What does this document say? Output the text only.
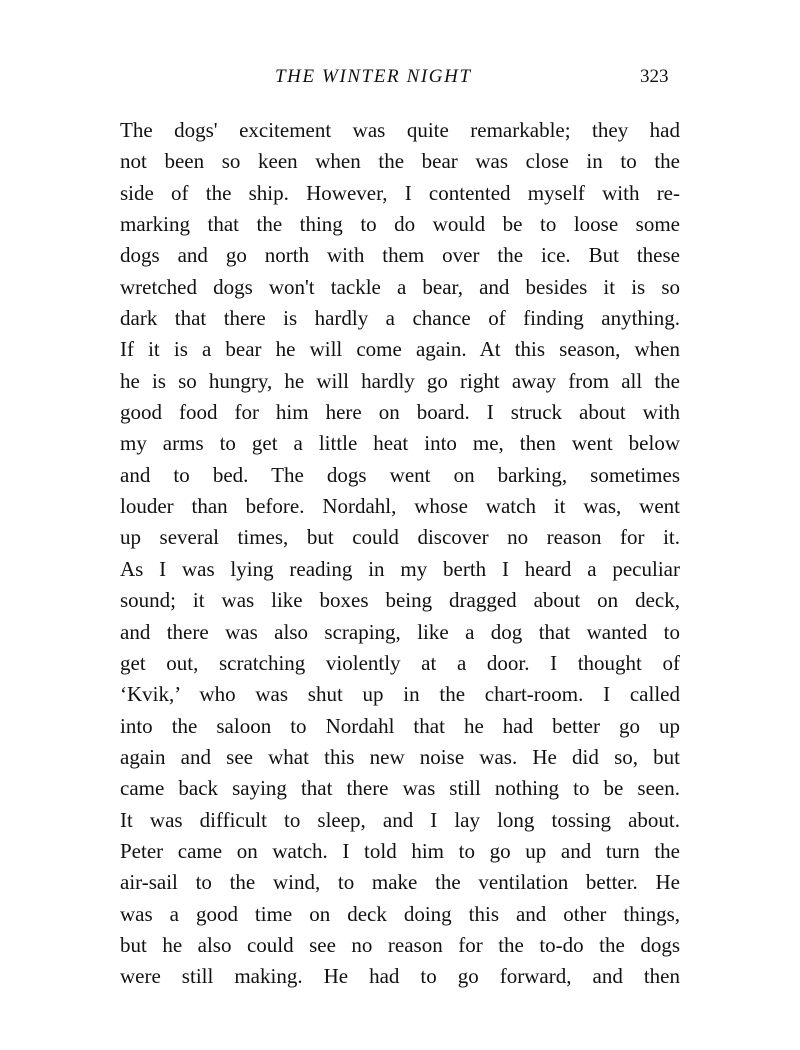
THE WINTER NIGHT	323
The dogs' excitement was quite remarkable; they had
not been so keen when the bear was close in to the
side of the ship. However, I contented myself with re-
marking that the thing to do would be to loose some
dogs and go north with them over the ice. But these
wretched dogs won't tackle a bear, and besides it is so
dark that there is hardly a chance of finding anything.
If it is a bear he will come again. At this season, when
he is so hungry, he will hardly go right away from all the
good food for him here on board. I struck about with
my arms to get a little heat into me, then went below
and to bed. The dogs went on barking, sometimes
louder than before. Nordahl, whose watch it was, went
up several times, but could discover no reason for it.
As I was lying reading in my berth I heard a peculiar
sound; it was like boxes being dragged about on deck,
and there was also scraping, like a dog that wanted to
get out, scratching violently at a door. I thought of
‘Kvik,’ who was shut up in the chart-room. I called
into the saloon to Nordahl that he had better go up
again and see what this new noise was. He did so, but
came back saying that there was still nothing to be seen.
It was difficult to sleep, and I lay long tossing about.
Peter came on watch. I told him to go up and turn the
air-sail to the wind, to make the ventilation better. He
was a good time on deck doing this and other things,
but he also could see no reason for the to-do the dogs
were still making. He had to go forward, and then
